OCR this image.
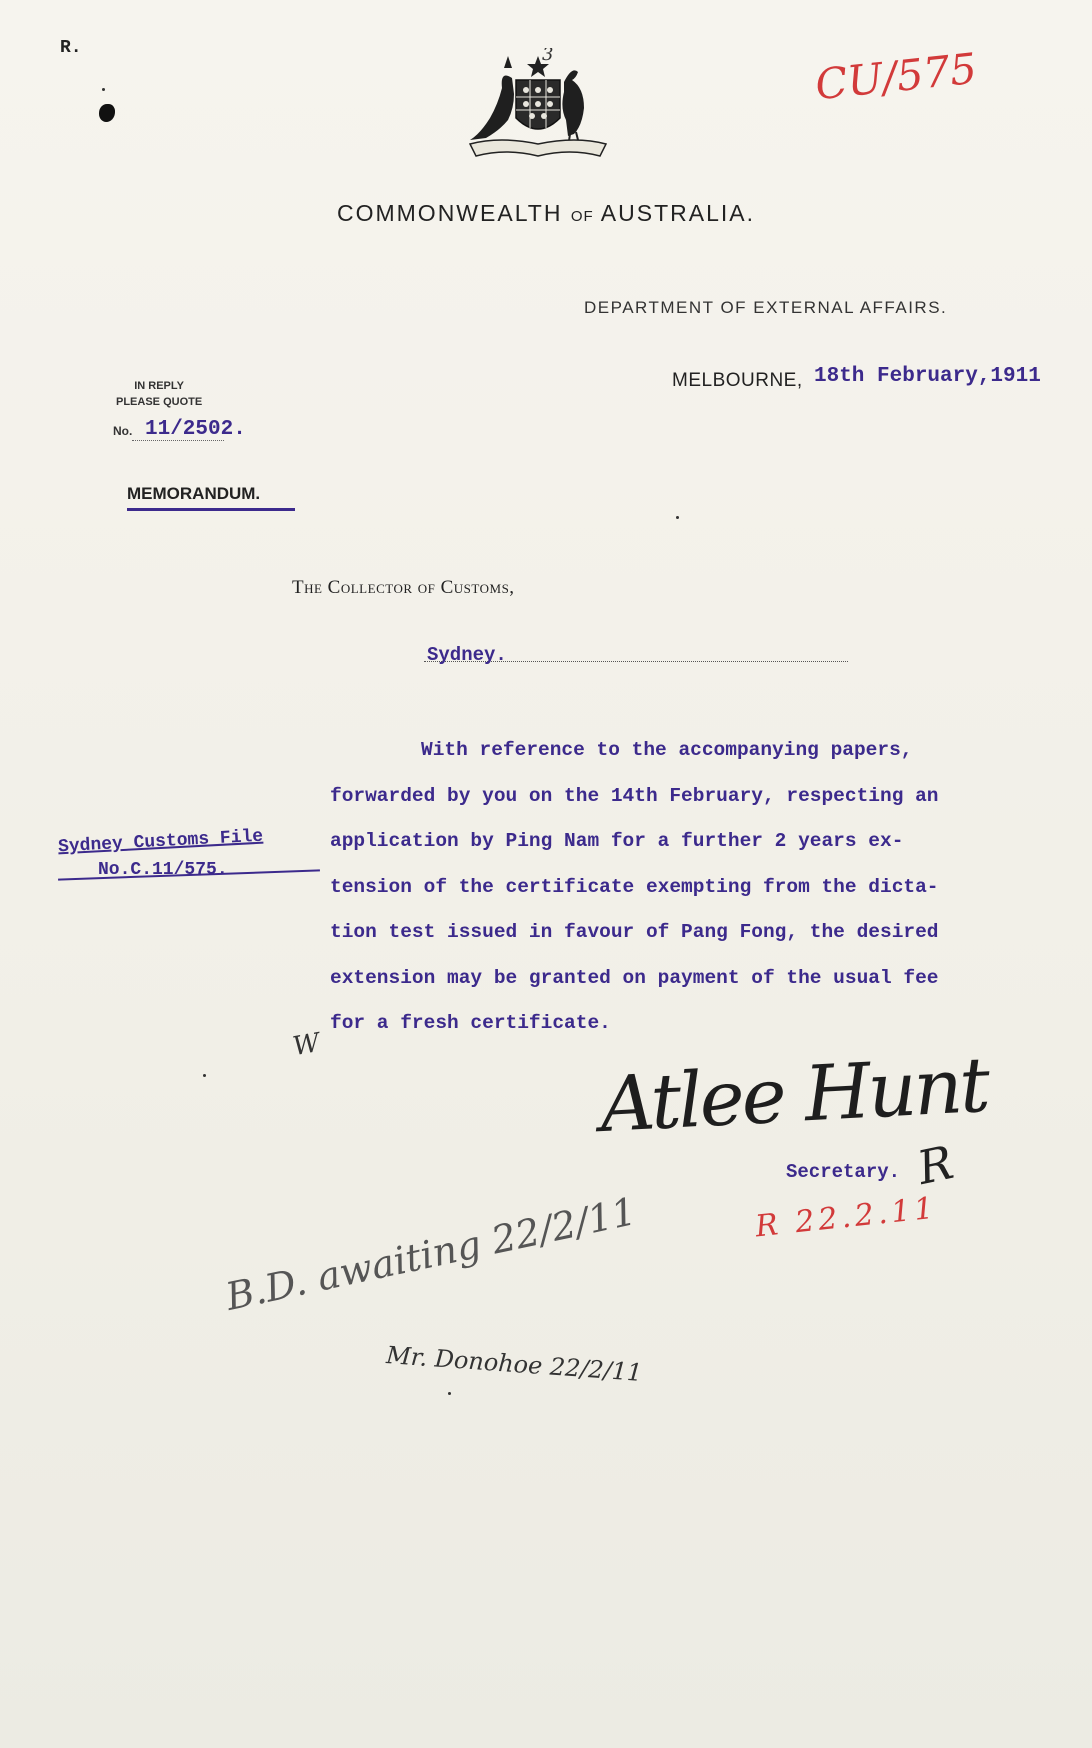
R.	3	CU/575
COMMONWEALTH OF AUSTRALIA.
DEPARTMENT OF EXTERNAL AFFAIRS.
IN REPLY
PLEASE QUOTE
No. 11/2502.
MEMORANDUM.
MELBOURNE, 18th February,1911
The Collector of Customs,
Sydney.
With reference to the accompanying papers,
forwarded by you on the 14th February, respecting an
application by Ping Nam for a further 2 years ex-
tension of the certificate exempting from the dicta-
tion test issued in favour of Pang Fong, the desired
extension may be granted on payment of the usual fee
for a fresh certificate.
Sydney Customs File
No.C.11/575.
W	Atlee Hunt
Secretary. R
R 22.2.11
B.D. awaiting 22/2/11
Mr. Donohoe 22/2/11
